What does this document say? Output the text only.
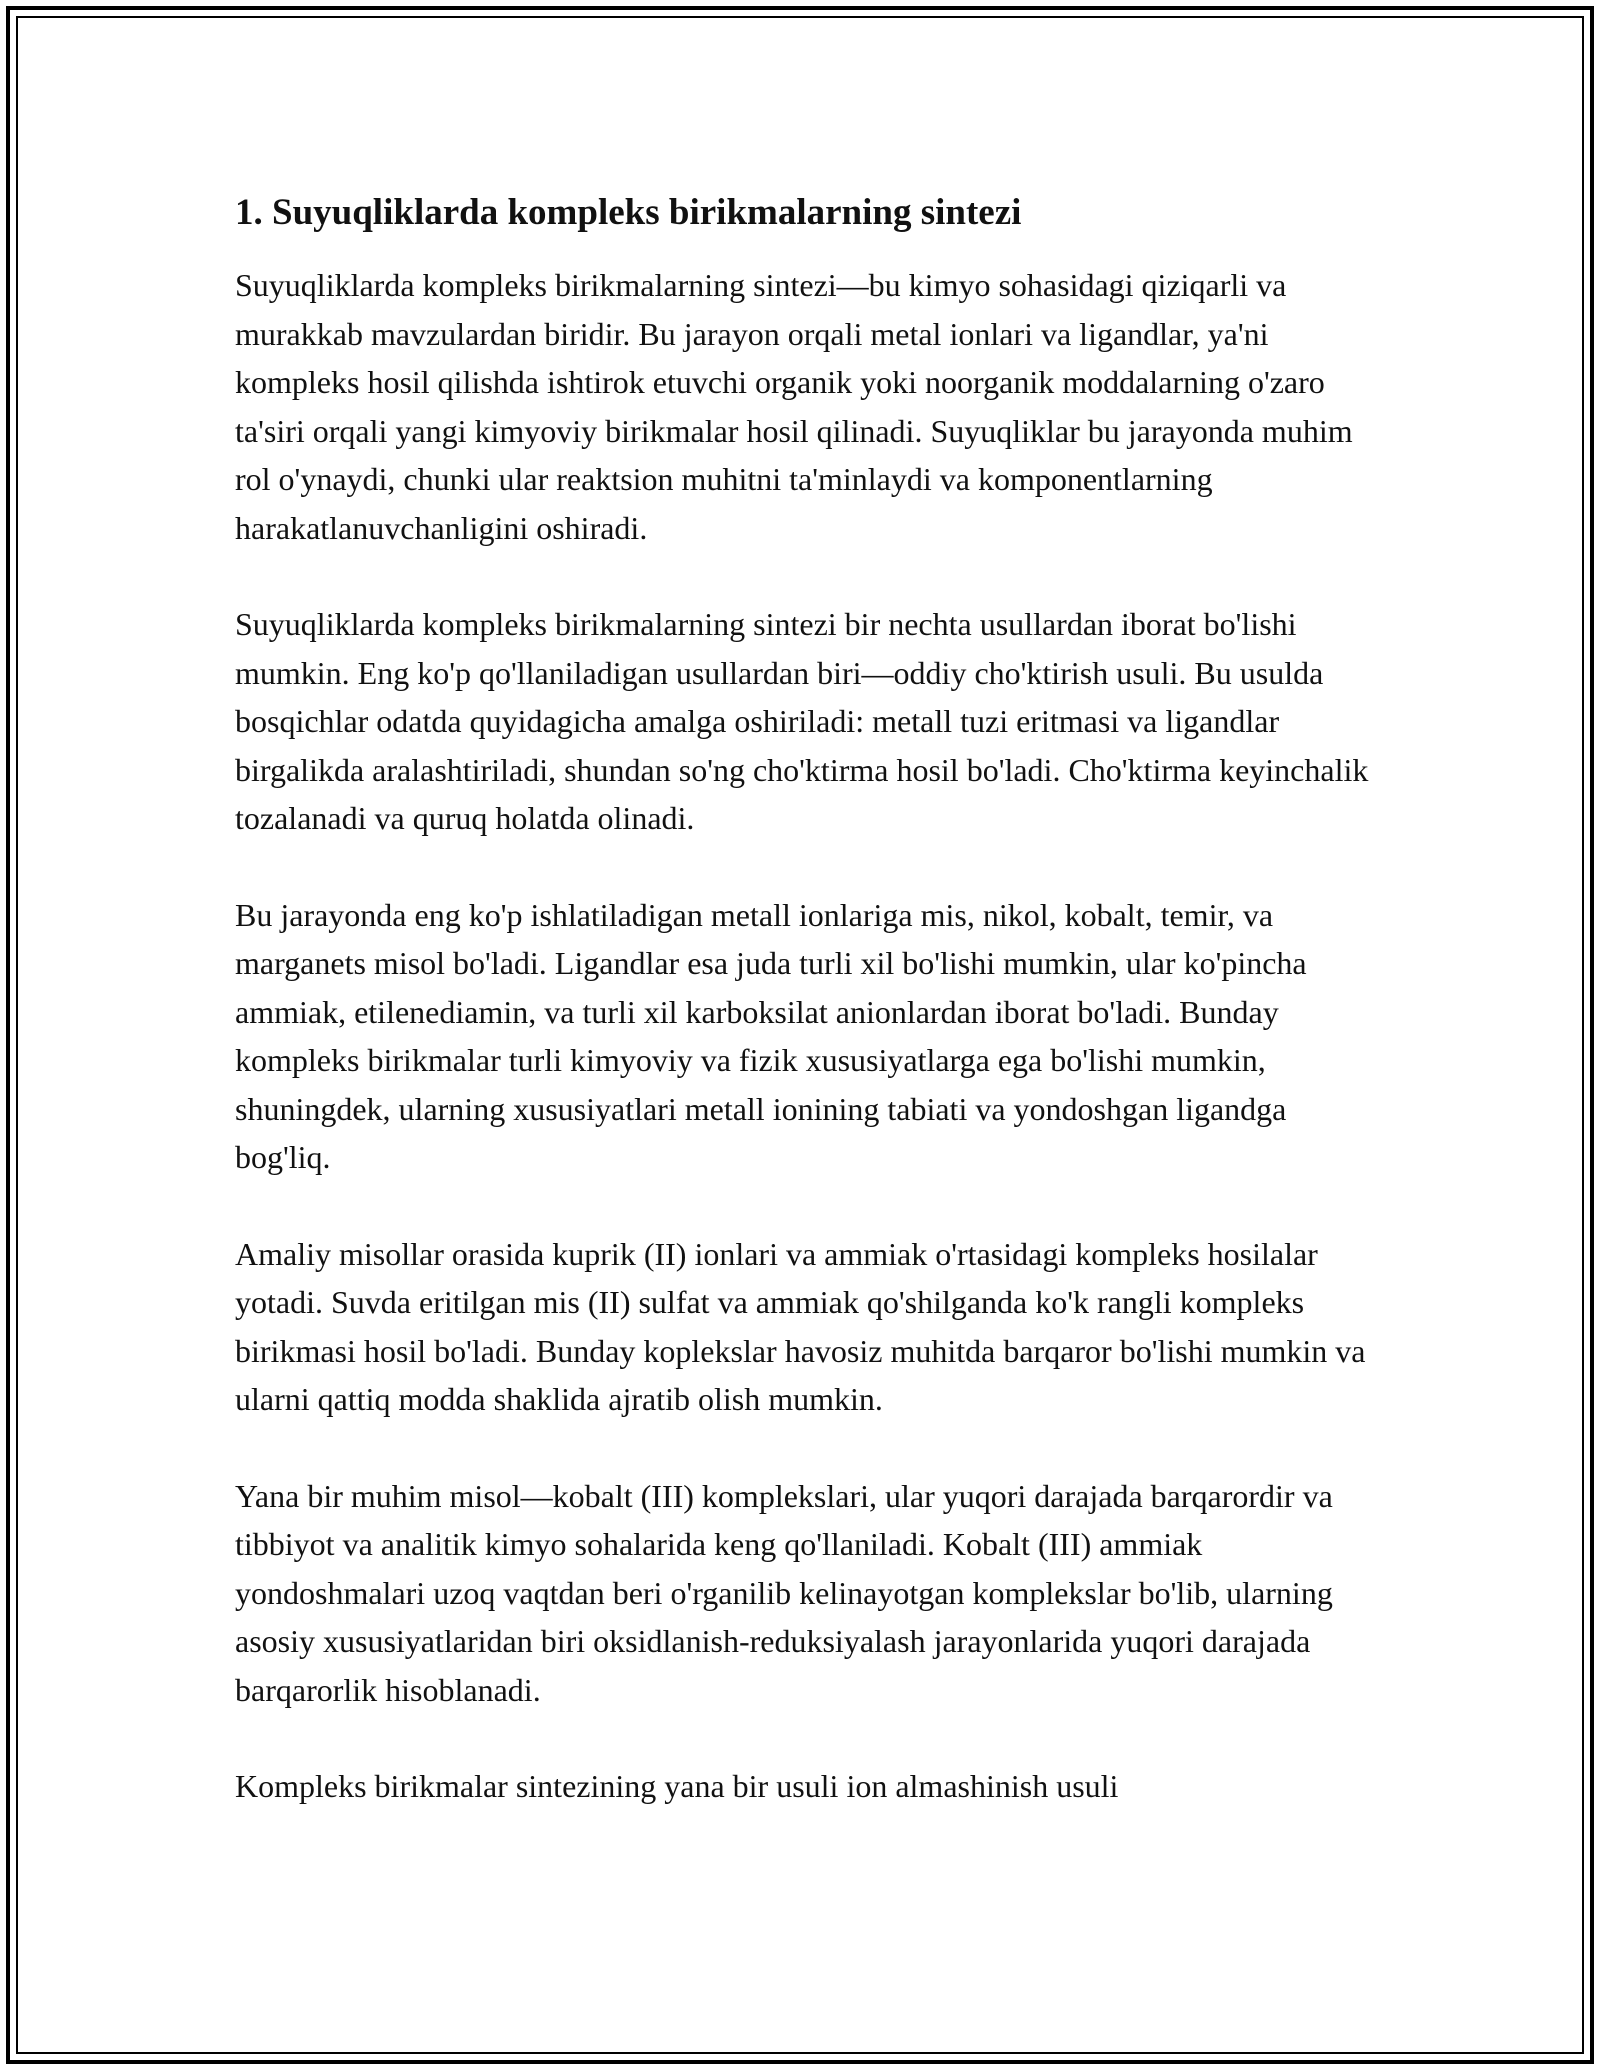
1. Suyuqliklarda kompleks birikmalarning sintezi

Suyuqliklarda kompleks birikmalarning sintezi—bu kimyo sohasidagi qiziqarli va murakkab mavzulardan biridir. Bu jarayon orqali metal ionlari va ligandlar, ya'ni kompleks hosil qilishda ishtirok etuvchi organik yoki noorganik moddalarning o'zaro ta'siri orqali yangi kimyoviy birikmalar hosil qilinadi. Suyuqliklar bu jarayonda muhim rol o'ynaydi, chunki ular reaktsion muhitni ta'minlaydi va komponentlarning harakatlanuvchanligini oshiradi.

Suyuqliklarda kompleks birikmalarning sintezi bir nechta usullardan iborat bo'lishi mumkin. Eng ko'p qo'llaniladigan usullardan biri—oddiy cho'ktirish usuli. Bu usulda bosqichlar odatda quyidagicha amalga oshiriladi: metall tuzi eritmasi va ligandlar birgalikda aralashtiriladi, shundan so'ng cho'ktirma hosil bo'ladi. Cho'ktirma keyinchalik tozalanadi va quruq holatda olinadi.

Bu jarayonda eng ko'p ishlatiladigan metall ionlariga mis, nikol, kobalt, temir, va marganets misol bo'ladi. Ligandlar esa juda turli xil bo'lishi mumkin, ular ko'pincha ammiak, etilenediamin, va turli xil karboksilat anionlardan iborat bo'ladi. Bunday kompleks birikmalar turli kimyoviy va fizik xususiyatlarga ega bo'lishi mumkin, shuningdek, ularning xususiyatlari metall ionining tabiati va yondoshgan ligandga bog'liq.

Amaliy misollar orasida kuprik (II) ionlari va ammiak o'rtasidagi kompleks hosilalar yotadi. Suvda eritilgan mis (II) sulfat va ammiak qo'shilganda ko'k rangli kompleks birikmasi hosil bo'ladi. Bunday koplekslar havosiz muhitda barqaror bo'lishi mumkin va ularni qattiq modda shaklida ajratib olish mumkin.

Yana bir muhim misol—kobalt (III) komplekslari, ular yuqori darajada barqarordir va tibbiyot va analitik kimyo sohalarida keng qo'llaniladi. Kobalt (III) ammiak yondoshmalari uzoq vaqtdan beri o'rganilib kelinayotgan komplekslar bo'lib, ularning asosiy xususiyatlaridan biri oksidlanish-reduksiyalash jarayonlarida yuqori darajada barqarorlik hisoblanadi.

Kompleks birikmalar sintezining yana bir usuli ion almashinish usuli
